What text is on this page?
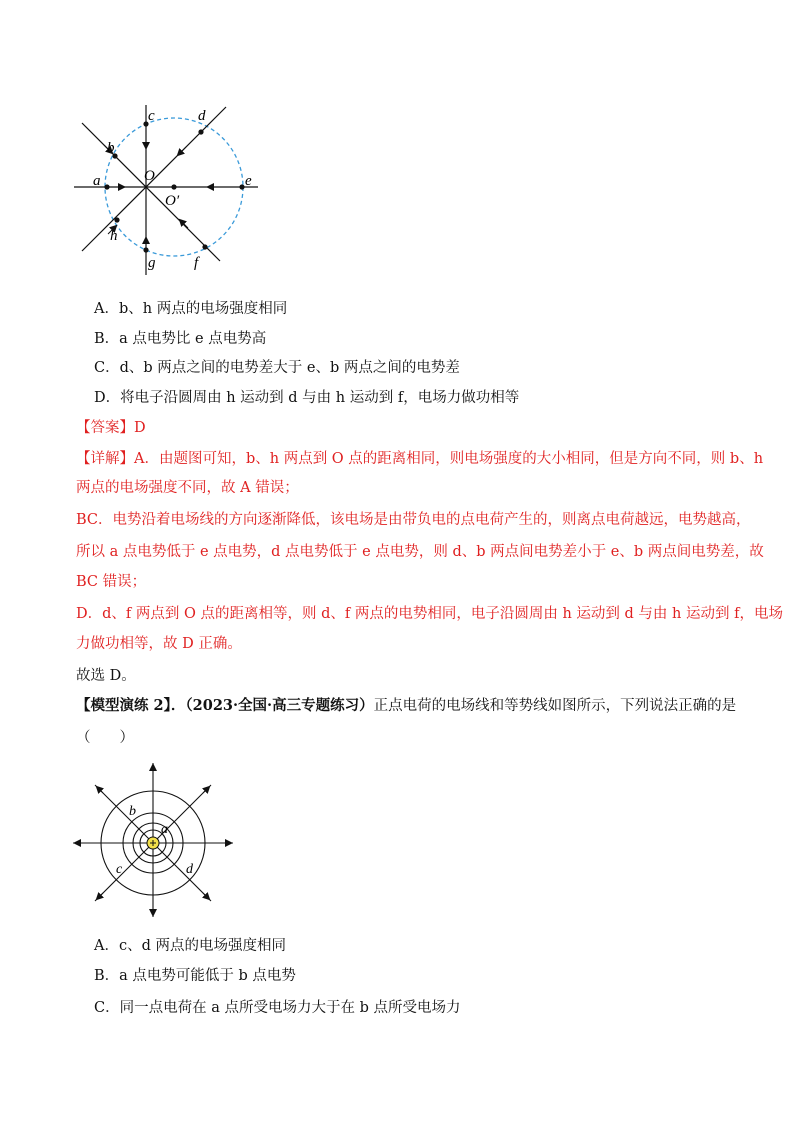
a	e
c
g
d
f
b
h
O
O′
A．b、h 两点的电场强度相同
B．a 点电势比 e 点电势高
C．d、b 两点之间的电势差大于 e、b 两点之间的电势差
D．将电子沿圆周由 h 运动到 d 与由 h 运动到 f，电场力做功相等
【答案】D
【详解】A．由题图可知，b、h 两点到 O 点的距离相同，则电场强度的大小相同，但是方向不同，则 b、h
两点的电场强度不同，故 A 错误；
BC．电势沿着电场线的方向逐渐降低，该电场是由带负电的点电荷产生的，则离点电荷越远，电势越高，
所以 a 点电势低于 e 点电势，d 点电势低于 e 点电势，则 d、b 两点间电势差小于 e、b 两点间电势差，故
BC 错误；
D．d、f 两点到 O 点的距离相等，则 d、f 两点的电势相同，电子沿圆周由 h 运动到 d 与由 h 运动到 f，电场
力做功相等，故 D 正确。
故选 D。
【模型演练 2】．（2023·全国·高三专题练习）正点电荷的电场线和等势线如图所示，下列说法正确的是
（　　）
b
a
c	d
A．c、d 两点的电场强度相同
B．a 点电势可能低于 b 点电势
C．同一点电荷在 a 点所受电场力大于在 b 点所受电场力
